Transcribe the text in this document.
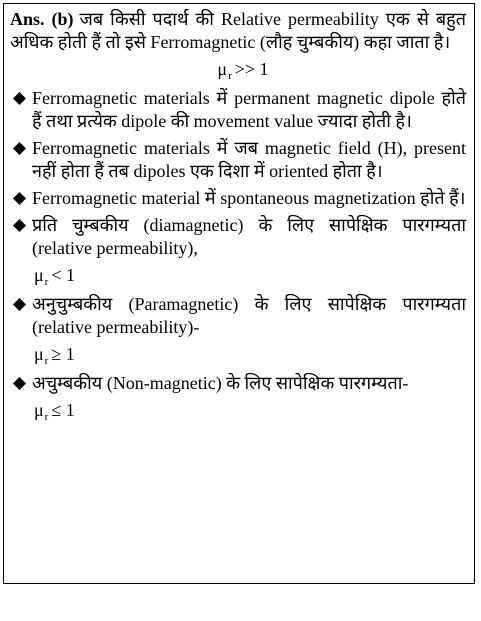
Ans. (b) जब किसी पदार्थ की Relative permeability एक से बहुत अधिक होती हैं तो इसे Ferromagnetic (लौह चुम्बकीय) कहा जाता है।

$\mu_r >> 1$
Ferromagnetic materials में permanent magnetic dipole होते हैं तथा प्रत्येक dipole की movement value ज्यादा होती है।
Ferromagnetic materials में जब magnetic field (H), present नहीं होता हैं तब dipoles एक दिशा में oriented होता है।
Ferromagnetic material में spontaneous magnetization होते हैं।
प्रति चुम्बकीय (diamagnetic) के लिए सापेक्षिक पारगम्यता (relative permeability),
$\mu_r < 1$
अनुचुम्बकीय (Paramagnetic) के लिए सापेक्षिक पारगम्यता (relative permeability)-
$\mu_r \ge 1$
अचुम्बकीय (Non-magnetic) के लिए सापेक्षिक पारगम्यता-
$\mu_r \le 1$
